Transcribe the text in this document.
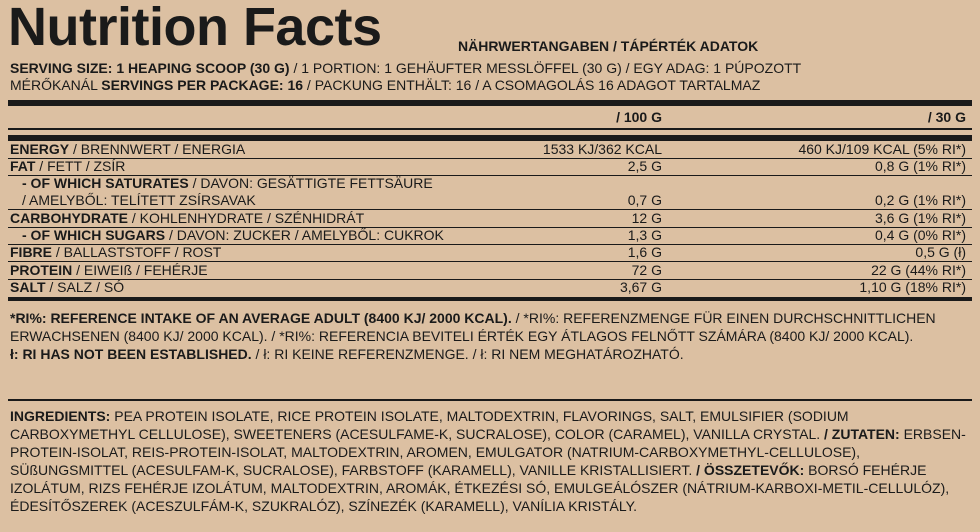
Nutrition Facts	NÄHRWERTANGABEN / TÁPÉRTÉK ADATOK
SERVING SIZE: 1 HEAPING SCOOP (30 G) / 1 PORTION: 1 GEHÄUFTER MESSLÖFFEL (30 G) / EGY ADAG: 1 PÚPOZOTT
MÉRŐKANÁL SERVINGS PER PACKAGE: 16 / PACKUNG ENTHÄLT: 16 / A CSOMAGOLÁS 16 ADAGOT TARTALMAZ
/ 100 G	/ 30 G
ENERGY / BRENNWERT / ENERGIA	1533 KJ/362 KCAL	460 KJ/109 KCAL (5% RI*)
FAT / FETT / ZSÍR	2,5 G	0,8 G (1% RI*)
- OF WHICH SATURATES / DAVON: GESÄTTIGTE FETTSÄURE
/ AMELYBŐL: TELÍTETT ZSÍRSAVAK	0,7 G	0,2 G (1% RI*)
CARBOHYDRATE / KOHLENHYDRATE / SZÉNHIDRÁT	12 G	3,6 G (1% RI*)
- OF WHICH SUGARS / DAVON: ZUCKER / AMELYBŐL: CUKROK	1,3 G	0,4 G (0% RI*)
FIBRE / BALLASTSTOFF / ROST	1,6 G	0,5 G (ł)
PROTEIN / EIWEIß / FEHÉRJE	72 G	22 G (44% RI*)
SALT / SALZ / SÓ	3,67 G	1,10 G (18% RI*)
*RI%: REFERENCE INTAKE OF AN AVERAGE ADULT (8400 KJ/ 2000 KCAL). / *RI%: REFERENZMENGE FÜR EINEN DURCHSCHNITTLICHEN ERWACHSENEN (8400 KJ/ 2000 KCAL). / *RI%: REFERENCIA BEVITELI ÉRTÉK EGY ÁTLAGOS FELNŐTT SZÁMÁRA (8400 KJ/ 2000 KCAL).
ł: RI HAS NOT BEEN ESTABLISHED. / ł: RI KEINE REFERENZMENGE. / ł: RI NEM MEGHATÁROZHATÓ.
INGREDIENTS: PEA PROTEIN ISOLATE, RICE PROTEIN ISOLATE, MALTODEXTRIN, FLAVORINGS, SALT, EMULSIFIER (SODIUM CARBOXYMETHYL CELLULOSE), SWEETENERS (ACESULFAME-K, SUCRALOSE), COLOR (CARAMEL), VANILLA CRYSTAL. / ZUTATEN: ERBSEN-PROTEIN-ISOLAT, REIS-PROTEIN-ISOLAT, MALTODEXTRIN, AROMEN, EMULGATOR (NATRIUM-CARBOXYMETHYL-CELLULOSE), SÜßUNGSMITTEL (ACESULFAM-K, SUCRALOSE), FARBSTOFF (KARAMELL), VANILLE KRISTALLISIERT. / ÖSSZETEVŐK: BORSÓ FEHÉRJE IZOLÁTUM, RIZS FEHÉRJE IZOLÁTUM, MALTODEXTRIN, AROMÁK, ÉTKEZÉSI SÓ, EMULGEÁLÓSZER (NÁTRIUM-KARBOXI-METIL-CELLULÓZ), ÉDESÍTŐSZEREK (ACESZULFÁM-K, SZUKRALÓZ), SZÍNEZÉK (KARAMELL), VANÍLIA KRISTÁLY.
